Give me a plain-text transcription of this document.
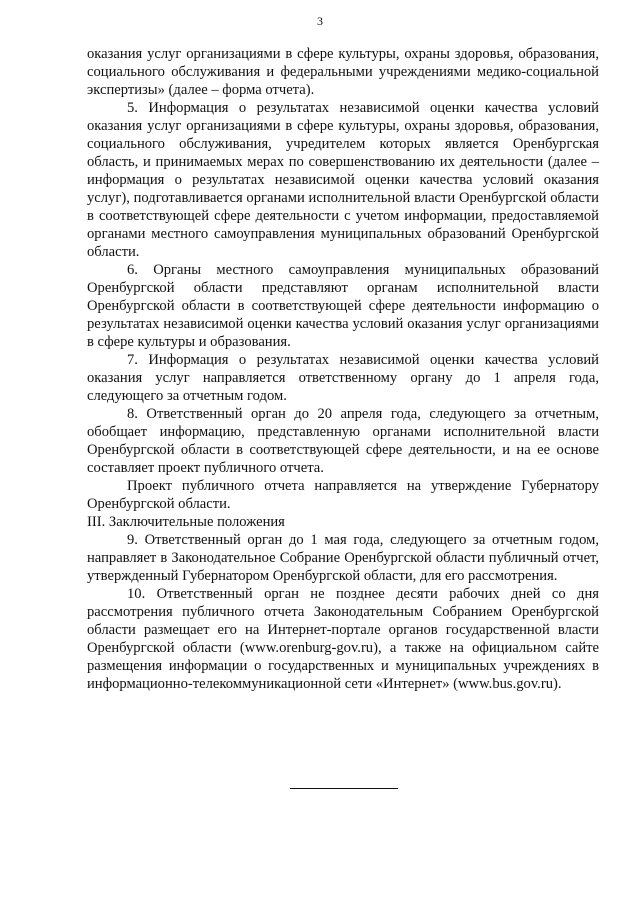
3

оказания услуг организациями в сфере культуры, охраны здоровья, образования, социального обслуживания и федеральными учреждениями медико-социальной экспертизы» (далее – форма отчета).

5. Информация о результатах независимой оценки качества условий оказания услуг организациями в сфере культуры, охраны здоровья, образования, социального обслуживания, учредителем которых является Оренбургская область, и принимаемых мерах по совершенствованию их деятельности (далее – информация о результатах независимой оценки качества условий оказания услуг), подготавливается органами исполнительной власти Оренбургской области в соответствующей сфере деятельности с учетом информации, предоставляемой органами местного самоуправления муниципальных образований Оренбургской области.

6. Органы местного самоуправления муниципальных образований Оренбургской области представляют органам исполнительной власти Оренбургской области в соответствующей сфере деятельности информацию о результатах независимой оценки качества условий оказания услуг организациями в сфере культуры и образования.

7. Информация о результатах независимой оценки качества условий оказания услуг направляется ответственному органу до 1 апреля года, следующего за отчетным годом.

8. Ответственный орган до 20 апреля года, следующего за отчетным, обобщает информацию, представленную органами исполнительной власти Оренбургской области в соответствующей сфере деятельности, и на ее основе составляет проект публичного отчета.

Проект публичного отчета направляется на утверждение Губернатору Оренбургской области.

III. Заключительные положения

9. Ответственный орган до 1 мая года, следующего за отчетным годом, направляет в Законодательное Собрание Оренбургской области публичный отчет, утвержденный Губернатором Оренбургской области, для его рассмотрения.

10. Ответственный орган не позднее десяти рабочих дней со дня рассмотрения публичного отчета Законодательным Собранием Оренбургской области размещает его на Интернет-портале органов государственной власти Оренбургской области (www.orenburg-gov.ru), а также на официальном сайте размещения информации о государственных и муниципальных учреждениях в информационно-телекоммуникационной сети «Интернет» (www.bus.gov.ru).
